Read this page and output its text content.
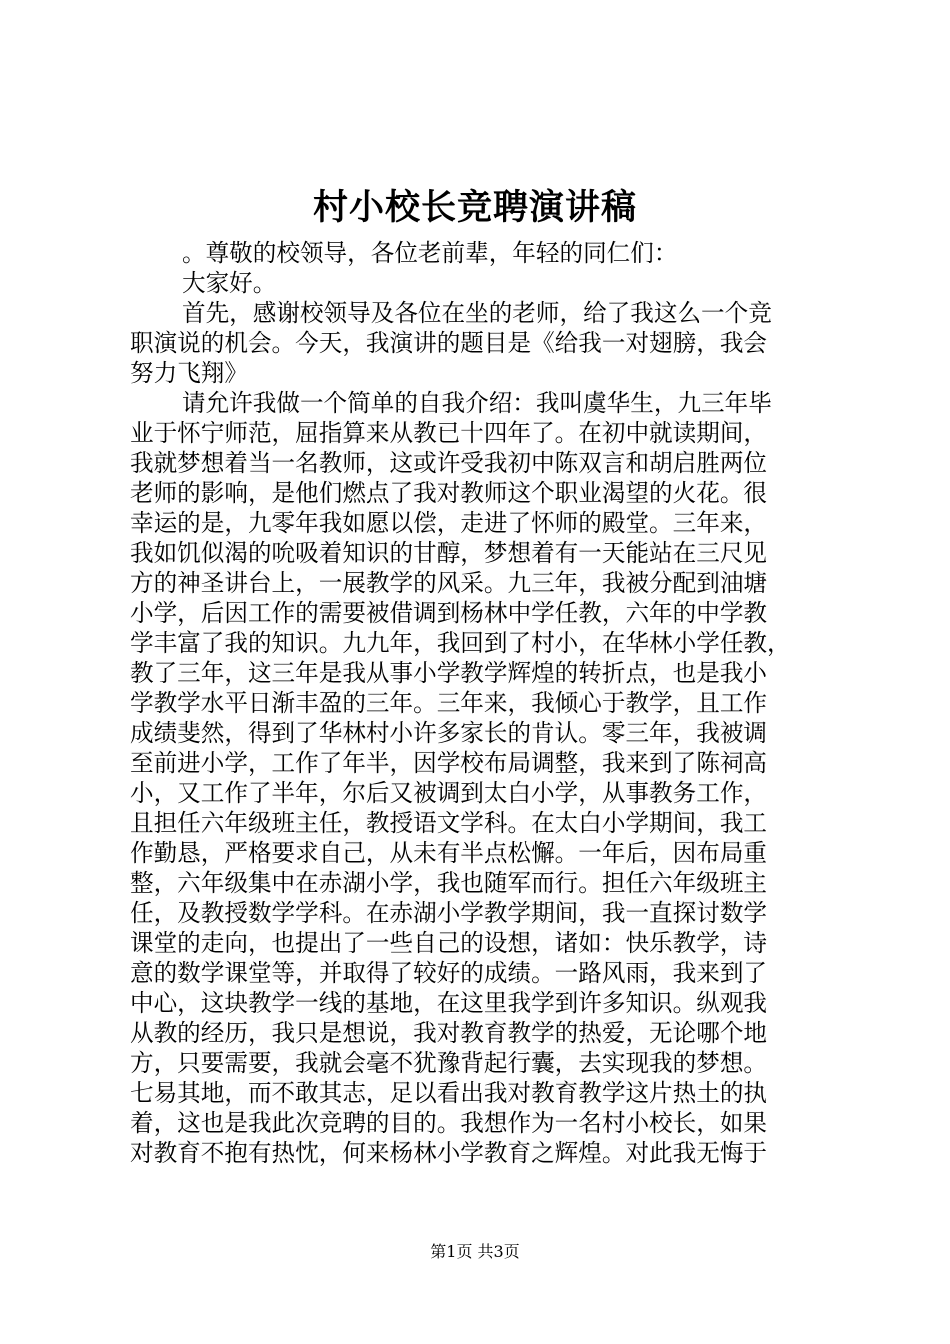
村小校长竞聘演讲稿
。尊敬的校领导，各位老前辈，年轻的同仁们：
大家好。
首先，感谢校领导及各位在坐的老师，给了我这么一个竞
职演说的机会。今天，我演讲的题目是《给我一对翅膀，我会
努力飞翔》
请允许我做一个简单的自我介绍：我叫虞华生，九三年毕
业于怀宁师范，屈指算来从教已十四年了。在初中就读期间，
我就梦想着当一名教师，这或许受我初中陈双言和胡启胜两位
老师的影响，是他们燃点了我对教师这个职业渴望的火花。很
幸运的是，九零年我如愿以偿，走进了怀师的殿堂。三年来，
我如饥似渴的吮吸着知识的甘醇，梦想着有一天能站在三尺见
方的神圣讲台上，一展教学的风采。九三年，我被分配到油塘
小学，后因工作的需要被借调到杨林中学任教，六年的中学教
学丰富了我的知识。九九年，我回到了村小，在华林小学任教，
教了三年，这三年是我从事小学教学辉煌的转折点，也是我小
学教学水平日渐丰盈的三年。三年来，我倾心于教学，且工作
成绩斐然，得到了华林村小许多家长的肯认。零三年，我被调
至前进小学，工作了年半，因学校布局调整，我来到了陈祠高
小，又工作了半年，尔后又被调到太白小学，从事教务工作，
且担任六年级班主任，教授语文学科。在太白小学期间，我工
作勤恳，严格要求自己，从未有半点松懈。一年后，因布局重
整，六年级集中在赤湖小学，我也随军而行。担任六年级班主
任，及教授数学学科。在赤湖小学教学期间，我一直探讨数学
课堂的走向，也提出了一些自己的设想，诸如：快乐教学，诗
意的数学课堂等，并取得了较好的成绩。一路风雨，我来到了
中心，这块教学一线的基地，在这里我学到许多知识。纵观我
从教的经历，我只是想说，我对教育教学的热爱，无论哪个地
方，只要需要，我就会毫不犹豫背起行囊，去实现我的梦想。
七易其地，而不敢其志，足以看出我对教育教学这片热土的执
着，这也是我此次竞聘的目的。我想作为一名村小校长，如果
对教育不抱有热忱，何来杨林小学教育之辉煌。对此我无悔于
第1页 共3页
